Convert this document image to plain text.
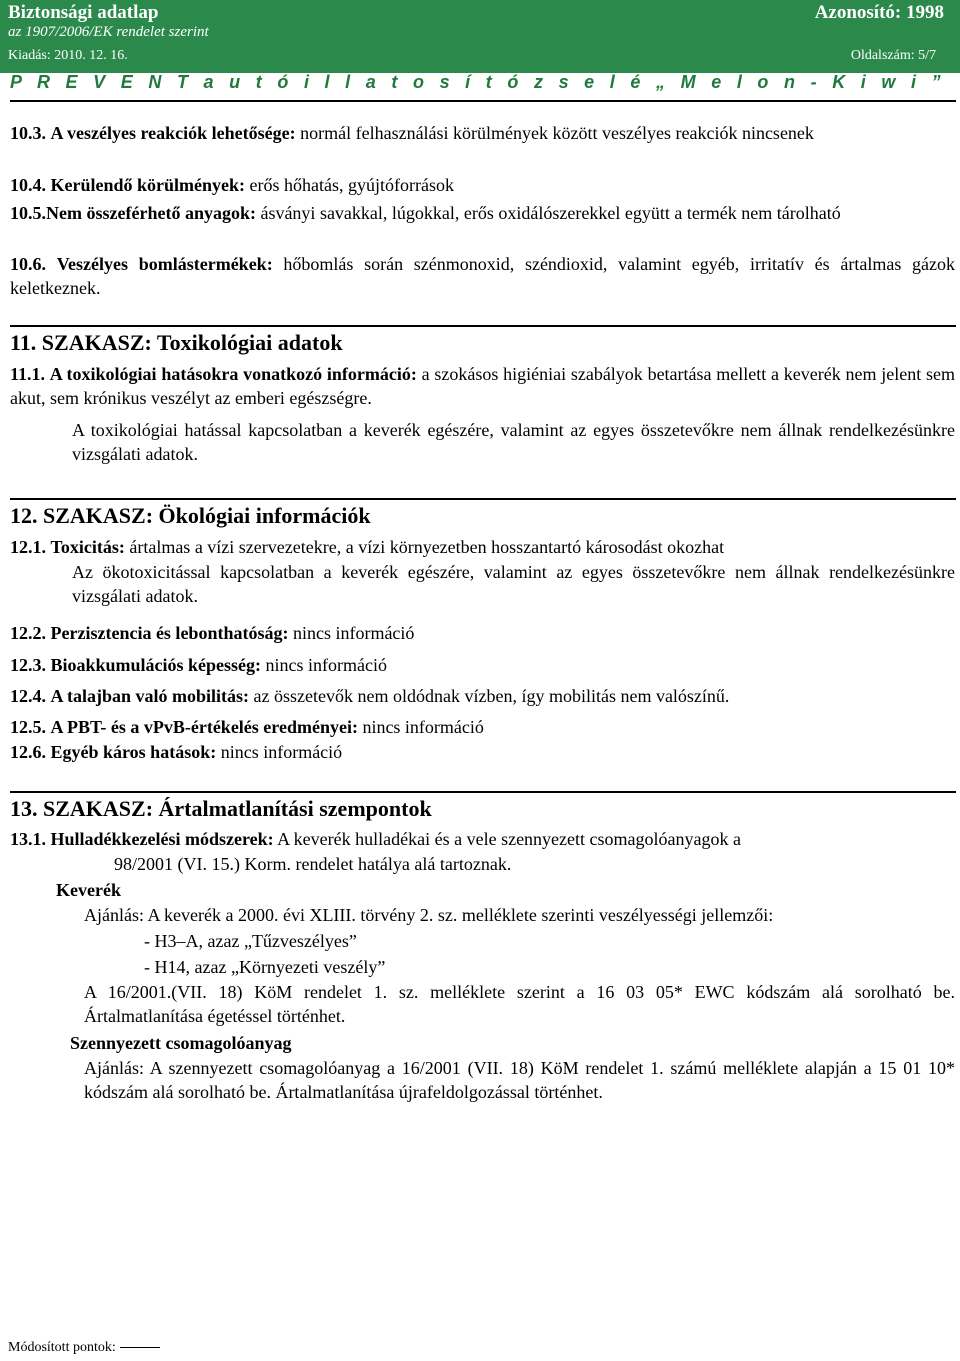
Biztonsági adatlap	Azonosító: 1998
az 1907/2006/EK rendelet szerint
Kiadás: 2010. 12. 16.	Oldalszám: 5/7
P R E V E N T a u t ó i l l a t o s í t ó z s e l é „ M e l o n - K i w i ”
10.3. A veszélyes reakciók lehetősége: normál felhasználási körülmények között veszélyes reakciók nincsenek
10.4. Kerülendő körülmények: erős hőhatás, gyújtóforrások
10.5.Nem összeférhető anyagok: ásványi savakkal, lúgokkal, erős oxidálószerekkel együtt a termék nem tárolható
10.6. Veszélyes bomlástermékek: hőbomlás során szénmonoxid, széndioxid, valamint egyéb, irritatív és ártalmas gázok keletkeznek.
11. SZAKASZ: Toxikológiai adatok
11.1. A toxikológiai hatásokra vonatkozó információ: a szokásos higiéniai szabályok betartása mellett a keverék nem jelent sem akut, sem krónikus veszélyt az emberi egészségre.
A toxikológiai hatással kapcsolatban a keverék egészére, valamint az egyes összetevőkre nem állnak rendelkezésünkre vizsgálati adatok.
12. SZAKASZ: Ökológiai információk
12.1. Toxicitás: ártalmas a vízi szervezetekre, a vízi környezetben hosszantartó károsodást okozhat
Az ökotoxicitással kapcsolatban a keverék egészére, valamint az egyes összetevőkre nem állnak rendelkezésünkre vizsgálati adatok.
12.2. Perzisztencia és lebonthatóság: nincs információ
12.3. Bioakkumulációs képesség: nincs információ
12.4. A talajban való mobilitás: az összetevők nem oldódnak vízben, így mobilitás nem valószínű.
12.5. A PBT- és a vPvB-értékelés eredményei: nincs információ
12.6. Egyéb káros hatások: nincs információ
13. SZAKASZ: Ártalmatlanítási szempontok
13.1. Hulladékkezelési módszerek: A keverék hulladékai és a vele szennyezett csomagolóanyagok a
98/2001 (VI. 15.) Korm. rendelet hatálya alá tartoznak.
Keverék
Ajánlás: A keverék a 2000. évi XLIII. törvény 2. sz. melléklete szerinti veszélyességi jellemzői:
- H3–A, azaz „Tűzveszélyes”
- H14, azaz „Környezeti veszély”
A 16/2001.(VII. 18) KöM rendelet 1. sz. melléklete szerint a 16 03 05* EWC kódszám alá sorolható be. Ártalmatlanítása égetéssel történhet.
Szennyezett csomagolóanyag
Ajánlás: A szennyezett csomagolóanyag a 16/2001 (VII. 18) KöM rendelet 1. számú melléklete alapján a 15 01 10* kódszám alá sorolható be. Ártalmatlanítása újrafeldolgozással történhet.
Módosított pontok:
